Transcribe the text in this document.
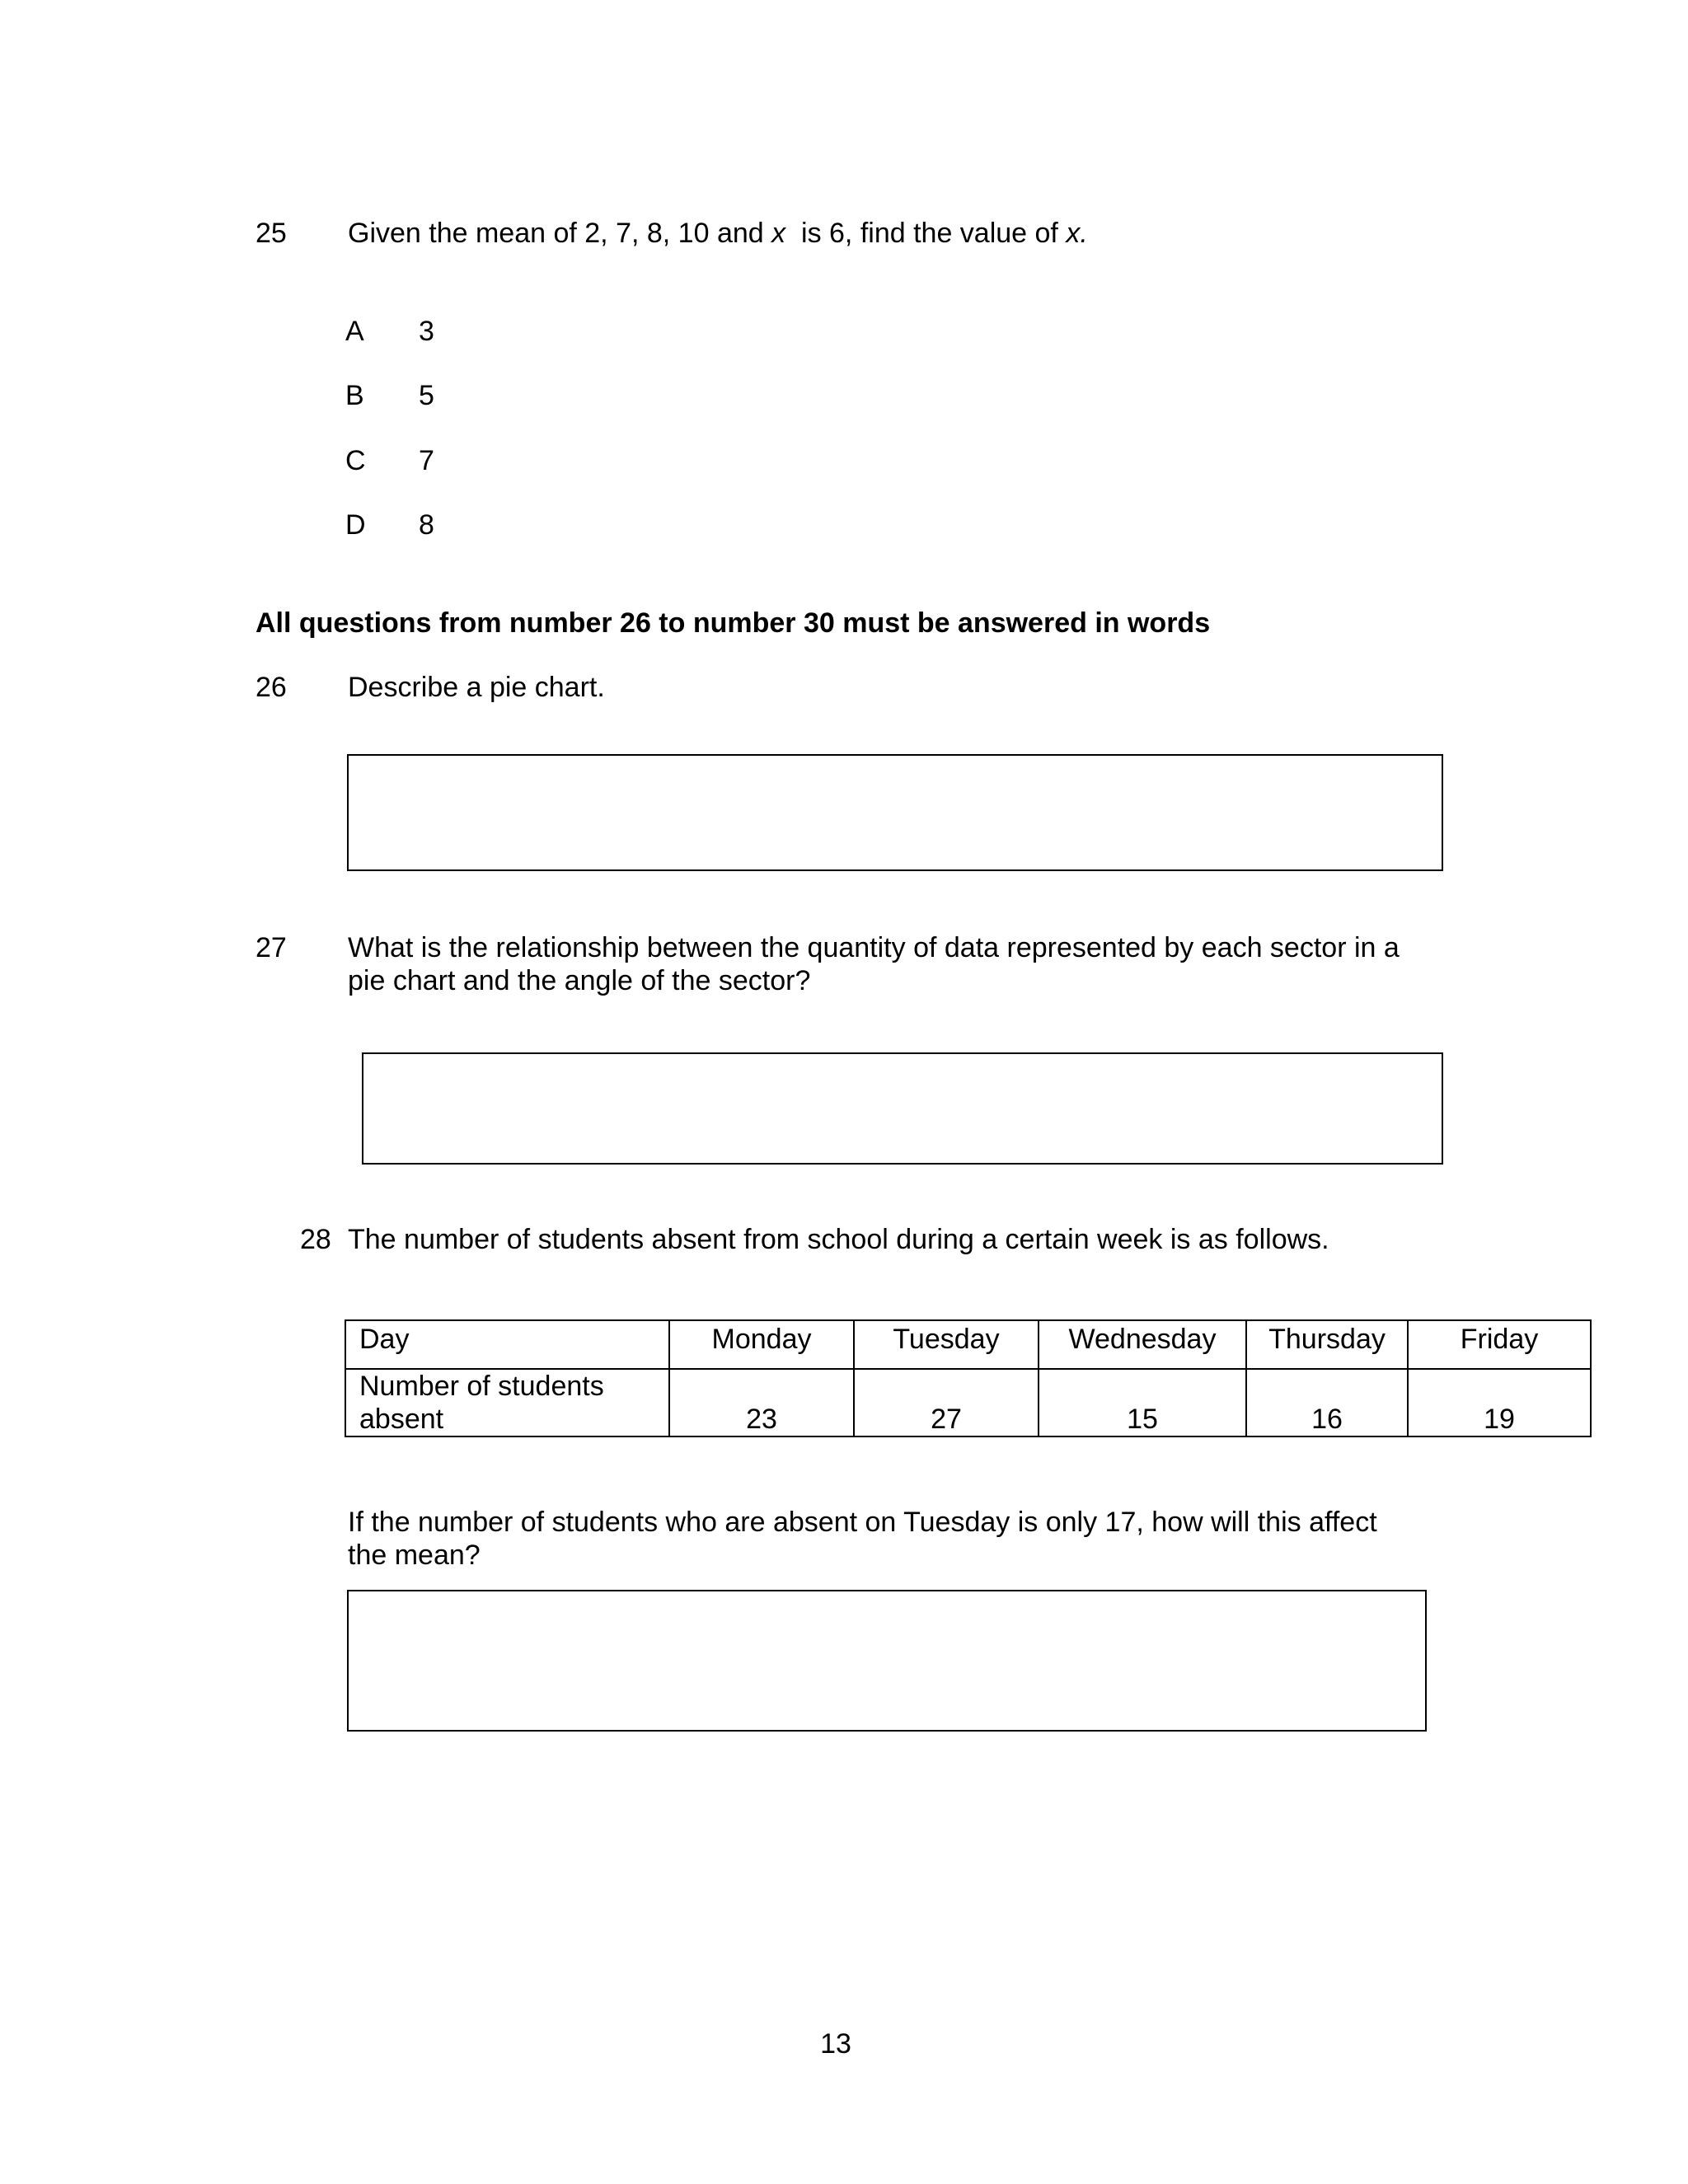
25 Given the mean of 2, 7, 8, 10 and x  is 6, find the value of x.
A 3
B 5
C 7
D 8
All questions from number 26 to number 30 must be answered in words
26 Describe a pie chart.
27 What is the relationship between the quantity of data represented by each sector in a
pie chart and the angle of the sector?
28 The number of students absent from school during a certain week is as follows.
Day	Monday	Tuesday	Wednesday	Thursday	Friday
Number of students
absent	23	27	15	16	19
If the number of students who are absent on Tuesday is only 17, how will this affect
the mean?
13
